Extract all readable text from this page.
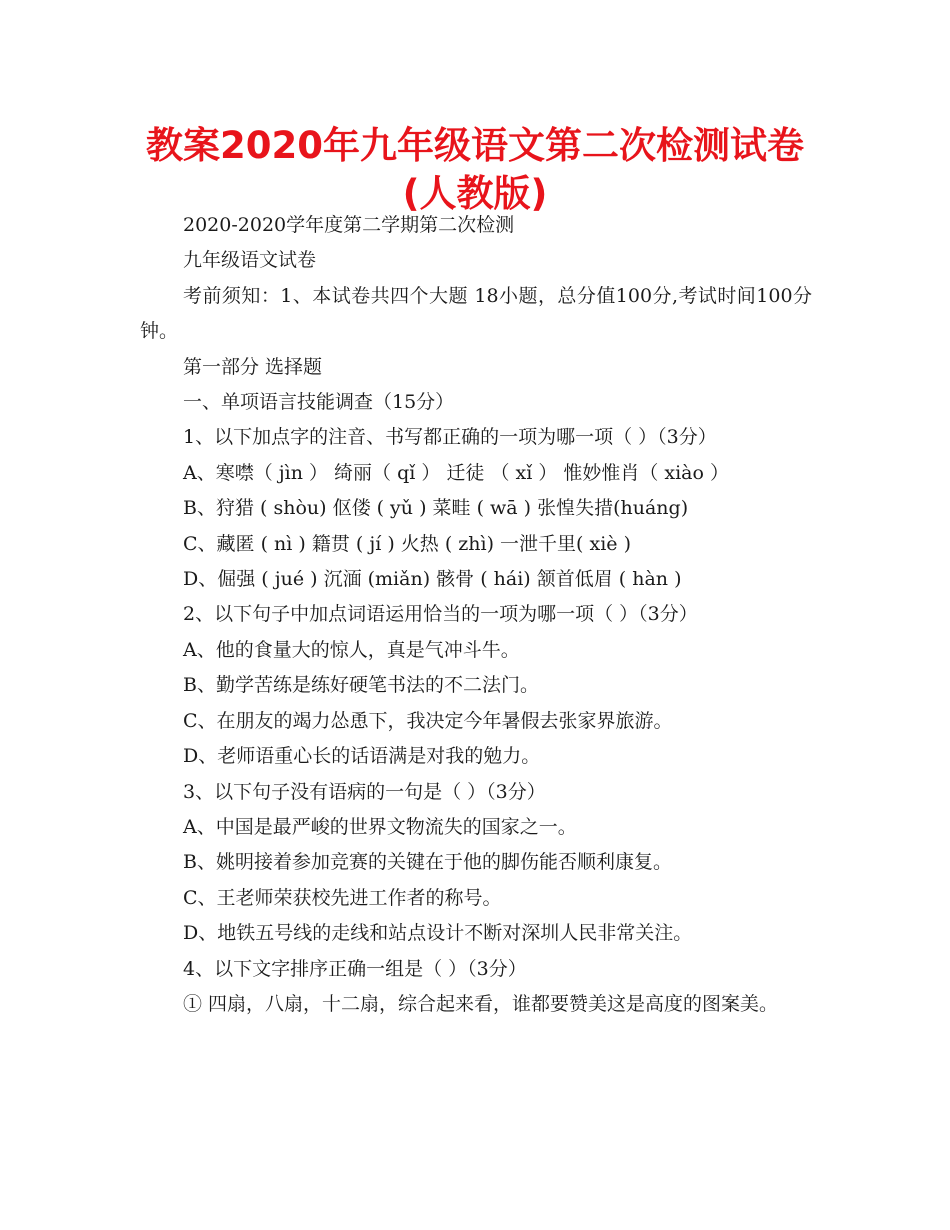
教案2020年九年级语文第二次检测试卷
(人教版)

2020-2020学年度第二学期第二次检测

九年级语文试卷

考前须知：1、本试卷共四个大题 18小题，总分值100分,考试时间100分钟。

第一部分 选择题

一、单项语言技能调查（15分）

1、以下加点字的注音、书写都正确的一项为哪一项（ ）（3分）

A、寒噤（ jìn ） 绮丽（ qǐ ） 迁徒 （ xǐ ） 惟妙惟肖（ xiào ）

B、狩猎 ( shòu) 伛偻 ( yǔ ) 菜畦 ( wā ) 张惶失措(huáng)

C、藏匿 ( nì ) 籍贯 ( jí ) 火热 ( zhì) 一泄千里( xiè )

D、倔强 ( jué ) 沉湎 (miǎn) 骸骨 ( hái) 颔首低眉 ( hàn )

2、以下句子中加点词语运用恰当的一项为哪一项（ ）（3分）

A、他的食量大的惊人，真是气冲斗牛。

B、勤学苦练是练好硬笔书法的不二法门。

C、在朋友的竭力怂恿下，我决定今年暑假去张家界旅游。

D、老师语重心长的话语满是对我的勉力。

3、以下句子没有语病的一句是（ ）（3分）

A、中国是最严峻的世界文物流失的国家之一。

B、姚明接着参加竞赛的关键在于他的脚伤能否顺利康复。

C、王老师荣获校先进工作者的称号。

D、地铁五号线的走线和站点设计不断对深圳人民非常关注。

4、以下文字排序正确一组是（ ）（3分）

① 四扇，八扇，十二扇，综合起来看，谁都要赞美这是高度的图案美。
